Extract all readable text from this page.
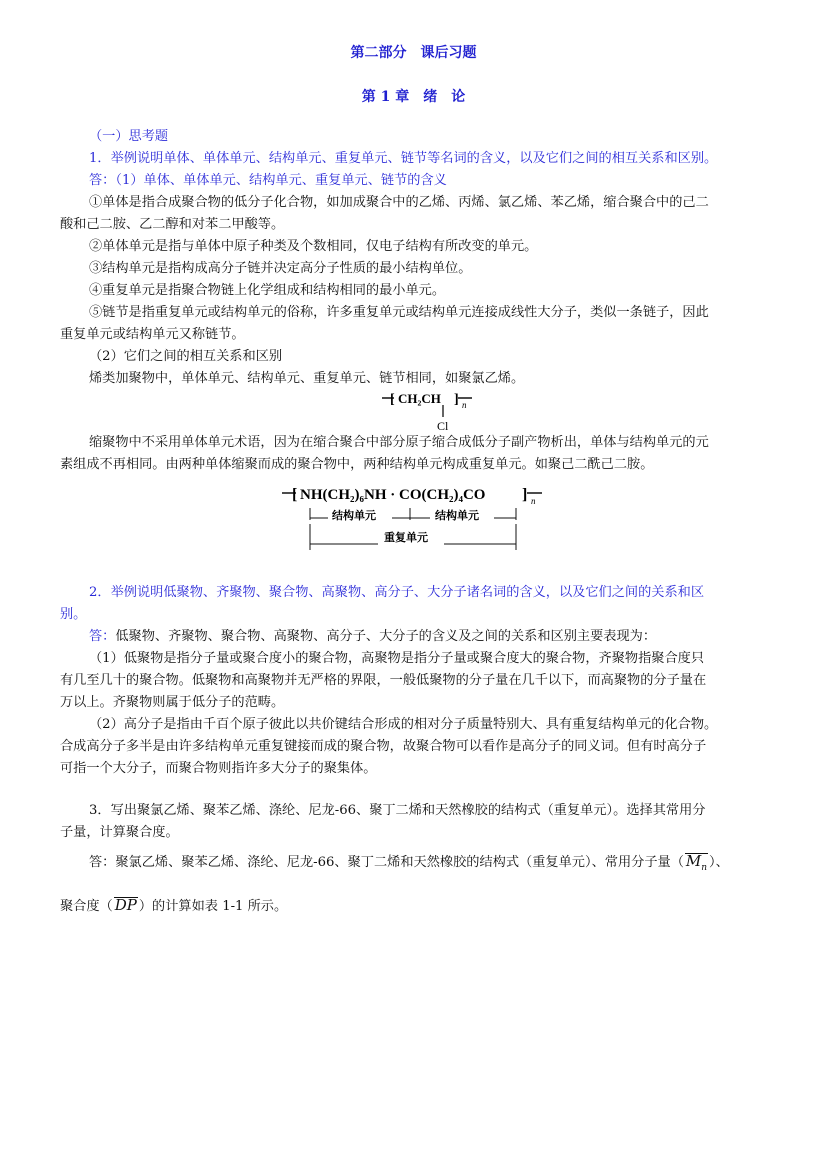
第二部分　课后习题
第 1 章　绪　论
（一）思考题
1．举例说明单体、单体单元、结构单元、重复单元、链节等名词的含义，以及它们之间的相互关系和区别。
答：（1）单体、单体单元、结构单元、重复单元、链节的含义
①单体是指合成聚合物的低分子化合物，如加成聚合中的乙烯、丙烯、氯乙烯、苯乙烯，缩合聚合中的己二
酸和己二胺、乙二醇和对苯二甲酸等。
②单体单元是指与单体中原子种类及个数相同，仅电子结构有所改变的单元。
③结构单元是指构成高分子链并决定高分子性质的最小结构单位。
④重复单元是指聚合物链上化学组成和结构相同的最小单元。
⑤链节是指重复单元或结构单元的俗称，许多重复单元或结构单元连接成线性大分子，类似一条链子，因此
重复单元或结构单元又称链节。
（2）它们之间的相互关系和区别
烯类加聚物中，单体单元、结构单元、重复单元、链节相同，如聚氯乙烯。
[ CH₂CH ] n
Cl
缩聚物中不采用单体单元术语，因为在缩合聚合中部分原子缩合成低分子副产物析出，单体与结构单元的元
素组成不再相同。由两种单体缩聚而成的聚合物中，两种结构单元构成重复单元。如聚己二酰己二胺。
[ NH(CH₂)₆NH · CO(CH₂)₄CO ] n
结构单元	结构单元
重复单元
2．举例说明低聚物、齐聚物、聚合物、高聚物、高分子、大分子诸名词的含义，以及它们之间的关系和区
别。
答：低聚物、齐聚物、聚合物、高聚物、高分子、大分子的含义及之间的关系和区别主要表现为：
（1）低聚物是指分子量或聚合度小的聚合物，高聚物是指分子量或聚合度大的聚合物，齐聚物指聚合度只
有几至几十的聚合物。低聚物和高聚物并无严格的界限，一般低聚物的分子量在几千以下，而高聚物的分子量在
万以上。齐聚物则属于低分子的范畴。
（2）高分子是指由千百个原子彼此以共价键结合形成的相对分子质量特别大、具有重复结构单元的化合物。
合成高分子多半是由许多结构单元重复键接而成的聚合物，故聚合物可以看作是高分子的同义词。但有时高分子
可指一个大分子，而聚合物则指许多大分子的聚集体。
3．写出聚氯乙烯、聚苯乙烯、涤纶、尼龙-66、聚丁二烯和天然橡胶的结构式（重复单元）。选择其常用分
子量，计算聚合度。
答：聚氯乙烯、聚苯乙烯、涤纶、尼龙-66、聚丁二烯和天然橡胶的结构式（重复单元）、常用分子量（ $M_n$ ）、
聚合度（ DP ）的计算如表 1-1 所示。
